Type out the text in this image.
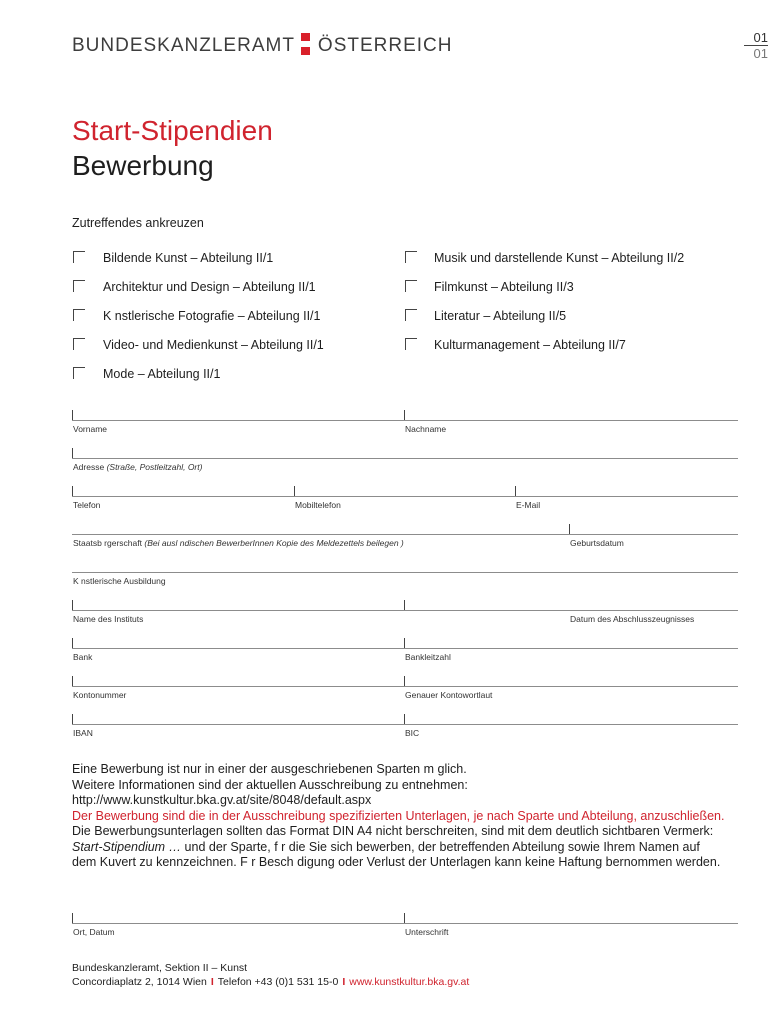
BUNDESKANZLERAMT ÖSTERREICH	01
01
Start-Stipendien
Bewerbung
Zutreffendes ankreuzen
Bildende Kunst – Abteilung II/1	Musik und darstellende Kunst – Abteilung II/2
Architektur und Design – Abteilung II/1	Filmkunst – Abteilung II/3
K nstlerische Fotografie – Abteilung II/1	Literatur – Abteilung II/5
Video- und Medienkunst – Abteilung II/1	Kulturmanagement – Abteilung II/7
Mode – Abteilung II/1
Vorname	Nachname
Adresse (Straße, Postleitzahl, Ort)
Telefon	Mobiltelefon	E-Mail
Staatsb rgerschaft (Bei ausl ndischen BewerberInnen Kopie des Meldezettels beilegen )	Geburtsdatum
K nstlerische Ausbildung
Name des Instituts	Datum des Abschlusszeugnisses
Bank	Bankleitzahl
Kontonummer	Genauer Kontowortlaut
IBAN	BIC

Eine Bewerbung ist nur in einer der ausgeschriebenen Sparten m glich.

Weitere Informationen sind der aktuellen Ausschreibung zu entnehmen:

http://www.kunstkultur.bka.gv.at/site/8048/default.aspx

Der Bewerbung sind die in der Ausschreibung spezifizierten Unterlagen, je nach Sparte und Abteilung, anzuschließen.

Die Bewerbungsunterlagen sollten das Format DIN A4 nicht berschreiten, sind mit dem deutlich sichtbaren Vermerk:

Start-Stipendium … und der Sparte, f r die Sie sich bewerben, der betreffenden Abteilung sowie Ihrem Namen auf

dem Kuvert zu kennzeichnen. F r Besch digung oder Verlust der Unterlagen kann keine Haftung bernommen werden.

Ort, Datum	Unterschrift

Bundeskanzleramt, Sektion II – Kunst

Concordiaplatz 2, 1014 Wien I Telefon +43 (0)1 531 15-0 I www.kunstkultur.bka.gv.at
